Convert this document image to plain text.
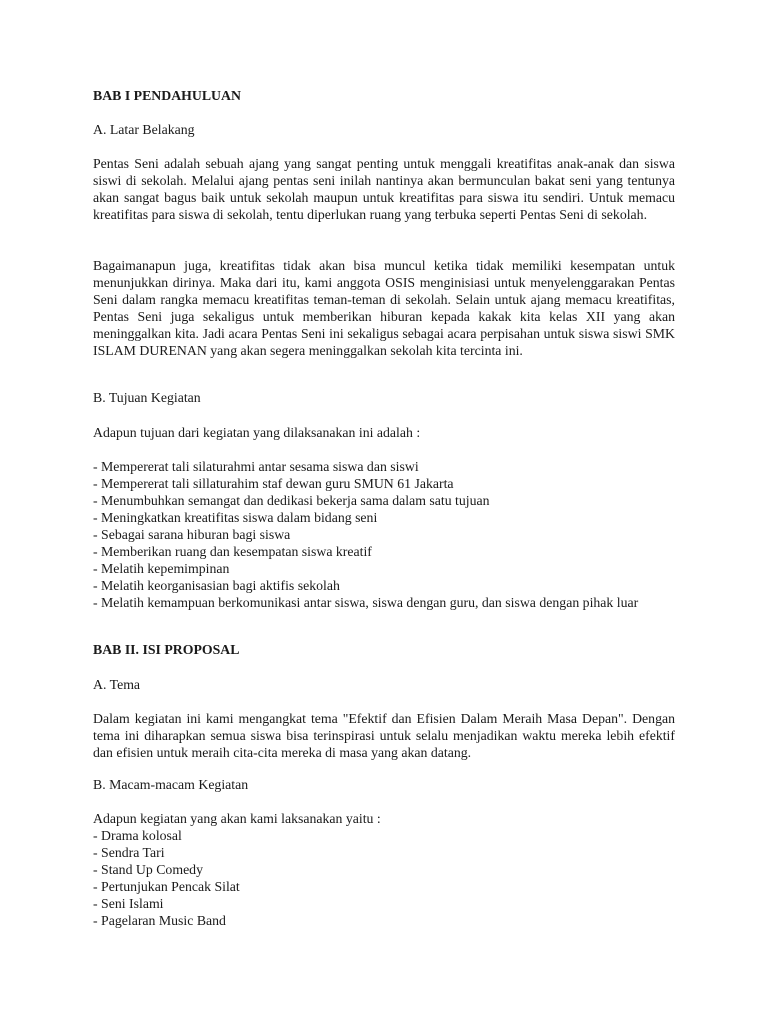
BAB I PENDAHULUAN
A. Latar Belakang

Pentas Seni adalah sebuah ajang yang sangat penting untuk menggali kreatifitas anak-anak dan siswa siswi di sekolah. Melalui ajang pentas seni inilah nantinya akan bermunculan bakat seni yang tentunya akan sangat bagus baik untuk sekolah maupun untuk kreatifitas para siswa itu sendiri. Untuk memacu kreatifitas para siswa di sekolah, tentu diperlukan ruang yang terbuka seperti Pentas Seni di sekolah.

Bagaimanapun juga, kreatifitas tidak akan bisa muncul ketika tidak memiliki kesempatan untuk menunjukkan dirinya. Maka dari itu, kami anggota OSIS menginisiasi untuk menyelenggarakan Pentas Seni dalam rangka memacu kreatifitas teman-teman di sekolah. Selain untuk ajang memacu kreatifitas, Pentas Seni juga sekaligus untuk memberikan hiburan kepada kakak kita kelas XII yang akan meninggalkan kita. Jadi acara Pentas Seni ini sekaligus sebagai acara perpisahan untuk siswa siswi SMK ISLAM DURENAN yang akan segera meninggalkan sekolah kita tercinta ini.

B. Tujuan Kegiatan
Adapun tujuan dari kegiatan yang dilaksanakan ini adalah :
- Mempererat tali silaturahmi antar sesama siswa dan siswi
- Mempererat tali sillaturahim staf dewan guru SMUN 61 Jakarta
- Menumbuhkan semangat dan dedikasi bekerja sama dalam satu tujuan
- Meningkatkan kreatifitas siswa dalam bidang seni
- Sebagai sarana hiburan bagi siswa
- Memberikan ruang dan kesempatan siswa kreatif
- Melatih kepemimpinan
- Melatih keorganisasian bagi aktifis sekolah
- Melatih kemampuan berkomunikasi antar siswa, siswa dengan guru, dan siswa dengan pihak luar
BAB II. ISI PROPOSAL
A. Tema

Dalam kegiatan ini kami mengangkat tema "Efektif dan Efisien Dalam Meraih Masa Depan". Dengan tema ini diharapkan semua siswa bisa terinspirasi untuk selalu menjadikan waktu mereka lebih efektif dan efisien untuk meraih cita-cita mereka di masa yang akan datang.

B. Macam-macam Kegiatan
Adapun kegiatan yang akan kami laksanakan yaitu :
- Drama kolosal
- Sendra Tari
- Stand Up Comedy
- Pertunjukan Pencak Silat
- Seni Islami
- Pagelaran Music Band
